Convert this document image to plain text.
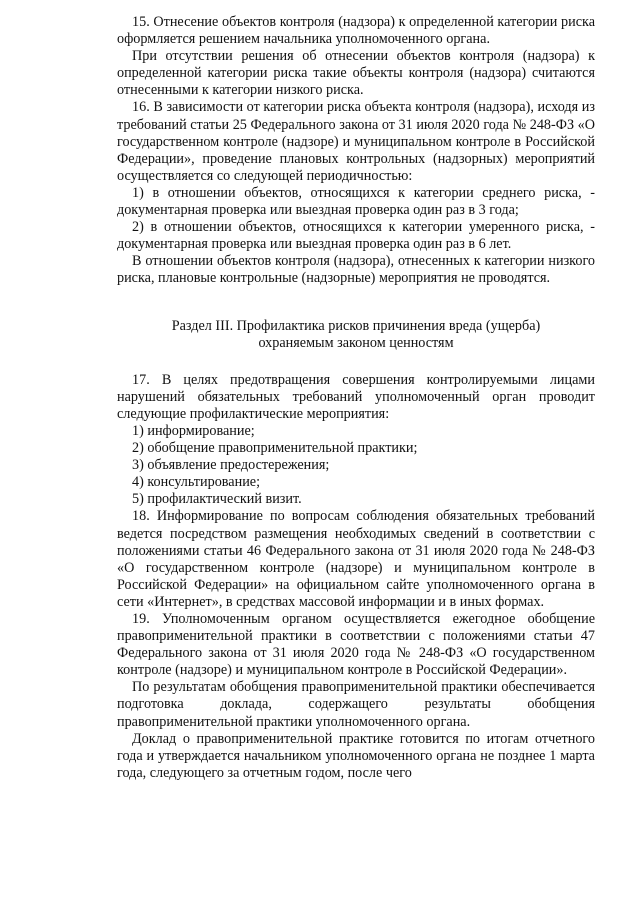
15. Отнесение объектов контроля (надзора) к определенной категории риска оформляется решением начальника уполномоченного органа.

При отсутствии решения об отнесении объектов контроля (надзора) к определенной категории риска такие объекты контроля (надзора) считаются отнесенными к категории низкого риска.

16. В зависимости от категории риска объекта контроля (надзора), исходя из требований статьи 25 Федерального закона от 31 июля 2020 года № 248-ФЗ «О государственном контроле (надзоре) и муниципальном контроле в Российской Федерации», проведение плановых контрольных (надзорных) мероприятий осуществляется со следующей периодичностью:

1) в отношении объектов, относящихся к категории среднего риска, - документарная проверка или выездная проверка один раз в 3 года;

2) в отношении объектов, относящихся к категории умеренного риска, - документарная проверка или выездная проверка один раз в 6 лет.

В отношении объектов контроля (надзора), отнесенных к категории низкого риска, плановые контрольные (надзорные) мероприятия не проводятся.

Раздел III. Профилактика рисков причинения вреда (ущерба)
охраняемым законом ценностям

17. В целях предотвращения совершения контролируемыми лицами нарушений обязательных требований уполномоченный орган проводит следующие профилактические мероприятия:

1) информирование;

2) обобщение правоприменительной практики;

3) объявление предостережения;

4) консультирование;

5) профилактический визит.

18. Информирование по вопросам соблюдения обязательных требований ведется посредством размещения необходимых сведений в соответствии с положениями статьи 46 Федерального закона от 31 июля 2020 года № 248-ФЗ «О государственном контроле (надзоре) и муниципальном контроле в Российской Федерации» на официальном сайте уполномоченного органа в сети «Интернет», в средствах массовой информации и в иных формах.

19. Уполномоченным органом осуществляется ежегодное обобщение правоприменительной практики в соответствии с положениями статьи 47 Федерального закона от 31 июля 2020 года № 248-ФЗ «О государственном контроле (надзоре) и муниципальном контроле в Российской Федерации».

По результатам обобщения правоприменительной практики обеспечивается подготовка доклада, содержащего результаты обобщения правоприменительной практики уполномоченного органа.

Доклад о правоприменительной практике готовится по итогам отчетного года и утверждается начальником уполномоченного органа не позднее 1 марта года, следующего за отчетным годом, после чего
